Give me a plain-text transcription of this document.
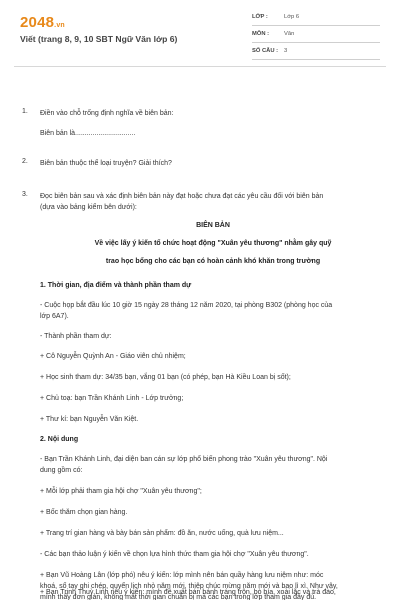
2048.vn
Viết (trang 8, 9, 10 SBT Ngữ Văn lớp 6)
LỚP :	Lớp 6
MÔN :	Văn
SỐ CÂU : 3
1.	Điền vào chỗ trống định nghĩa về biên bản:
Biên bản là...............................
2.	Biên bản thuộc thể loại truyện? Giải thích?
3.	Đọc biên bản sau và xác định biên bản này đạt hoặc chưa đạt các yêu cầu đối với biên bản
(dựa vào bảng kiểm bên dưới):
BIÊN BẢN
Về việc lấy ý kiến tổ chức hoạt động "Xuân yêu thương" nhằm gây quỹ
trao học bổng cho các bạn có hoàn cảnh khó khăn trong trường
1. Thời gian, địa điểm và thành phần tham dự
- Cuộc họp bắt đầu lúc 10 giờ 15 ngày 28 tháng 12 năm 2020, tại phòng B302 (phòng học của
lớp 6A7).
- Thành phần tham dự:
+ Cô Nguyễn Quỳnh An - Giáo viên chủ nhiệm;
+ Học sinh tham dự: 34/35 bạn, vắng 01 bạn (có phép, bạn Hà Kiều Loan bị sốt);
+ Chủ toạ: bạn Trần Khánh Linh - Lớp trưởng;
+ Thư kí: bạn Nguyễn Văn Kiệt.
2. Nội dung
- Bạn Trần Khánh Linh, đại diện ban cán sự lớp phổ biến phong trào "Xuân yêu thương". Nội
dung gồm có:
+ Mỗi lớp phải tham gia hội chợ "Xuân yêu thương";
+ Bốc thăm chọn gian hàng.
+ Trang trí gian hàng và bày bán sản phẩm: đồ ăn, nước uống, quà lưu niệm...
- Các bạn thảo luận ý kiến về chọn lựa hình thức tham gia hội chợ "Xuân yêu thương".
+ Bạn Vũ Hoàng Lân (lớp phó) nêu ý kiến: lớp mình nên bán quầy hàng lưu niệm như: móc
khoá, sổ tay ghi chép, quyển lịch nhỏ năm mới, thiệp chúc mừng năm mới và bao lì xì. Như vậy,
mình thấy đơn giản, không mất thời gian chuẩn bị mà các bạn trong lớp tham gia đầy đủ.
+ Bạn Trịnh Thuỳ Linh nêu ý kiến: mình đề xuất bán bánh tráng trộn, bò bía, xoài lắc và trà đào,
